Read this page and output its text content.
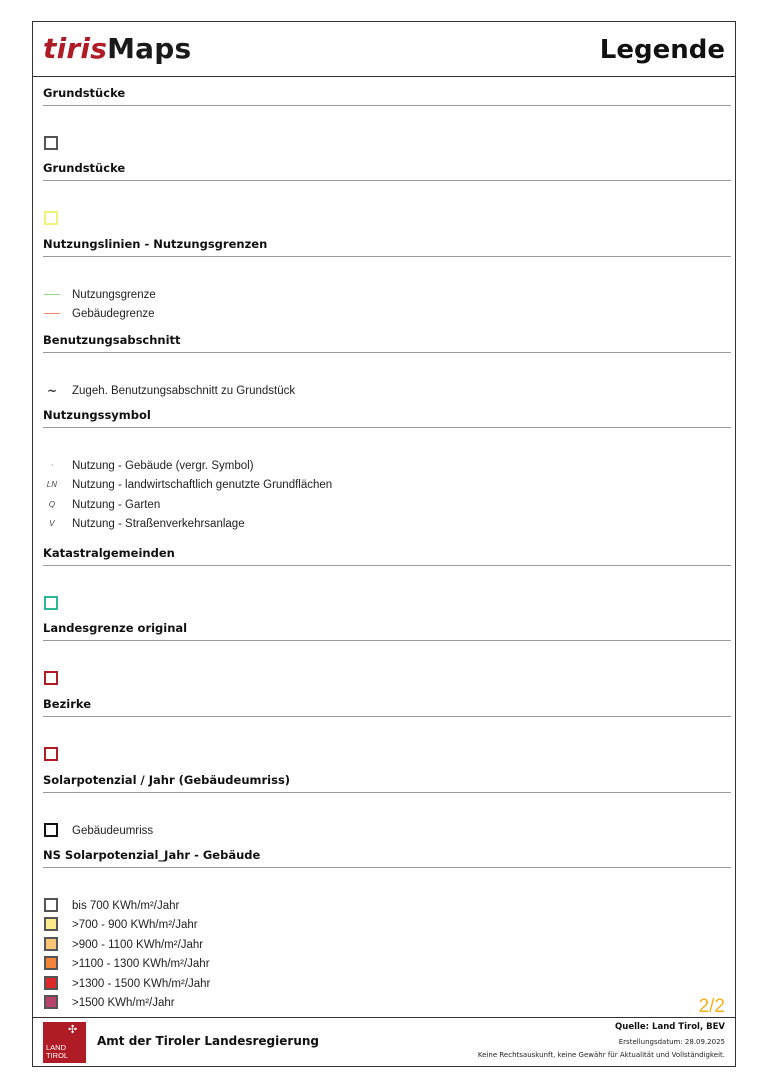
tirisMaps	Legende
Grundstücke
Grundstücke
Nutzungslinien - Nutzungsgrenzen
Nutzungsgrenze
Gebäudegrenze
Benutzungsabschnitt
~	Zugeh. Benutzungsabschnitt zu Grundstück
Nutzungssymbol
·	Nutzung - Gebäude (vergr. Symbol)
LN	Nutzung - landwirtschaftlich genutzte Grundflächen
Q	Nutzung - Garten
V	Nutzung - Straßenverkehrsanlage
Katastralgemeinden
Landesgrenze original
Bezirke
Solarpotenzial / Jahr (Gebäudeumriss)
Gebäudeumriss
NS Solarpotenzial_Jahr - Gebäude
bis 700 KWh/m²/Jahr
>700 - 900 KWh/m²/Jahr
>900 - 1100 KWh/m²/Jahr
>1100 - 1300 KWh/m²/Jahr
>1300 - 1500 KWh/m²/Jahr
>1500 KWh/m²/Jahr	2/2
✣
LAND
TIROL
Amt der Tiroler Landesregierung
Quelle: Land Tirol, BEV
Erstellungsdatum: 28.09.2025
Keine Rechtsauskunft, keine Gewähr für Aktualität und Vollständigkeit.
